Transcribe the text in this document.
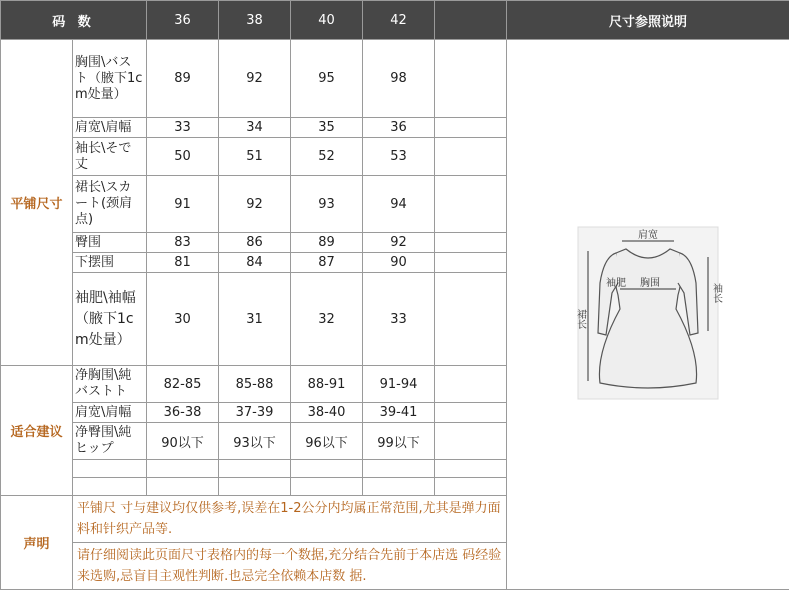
码 数		36	38	40	42		尺寸参照说明
平铺尺寸	胸围\バスト（腋下1cm处量）	89	92	95	98		肩宽
胸围
袖肥 袖长
裙长

	肩宽\肩幅	33	34	35	36		
	袖长\そで丈	50	51	52	53		
	裙长\スカート(颈肩点)	91	92	93	94		
	臀围	83	86	89	92		
	下摆围	81	84	87	90		
	袖肥\袖幅（腋下1cm处量）	30	31	32	33		
适合建议	净胸围\純バストト	82-85	85-88	88-91	91-94		
	肩宽\肩幅	36-38	37-39	38-40	39-41		
	净臀围\純ヒップ	90以下	93以下	96以下	99以下		

声明	平铺尺 寸与建议均仅供参考,误差在1-2公分内均属正常范围,尤其是弹力面料和针织产品等.						
	请仔细阅读此页面尺寸表格内的每一个数据,充分结合先前于本店选 码经验来选购,忌盲目主观性判断.也忌完全依赖本店数 据.						
